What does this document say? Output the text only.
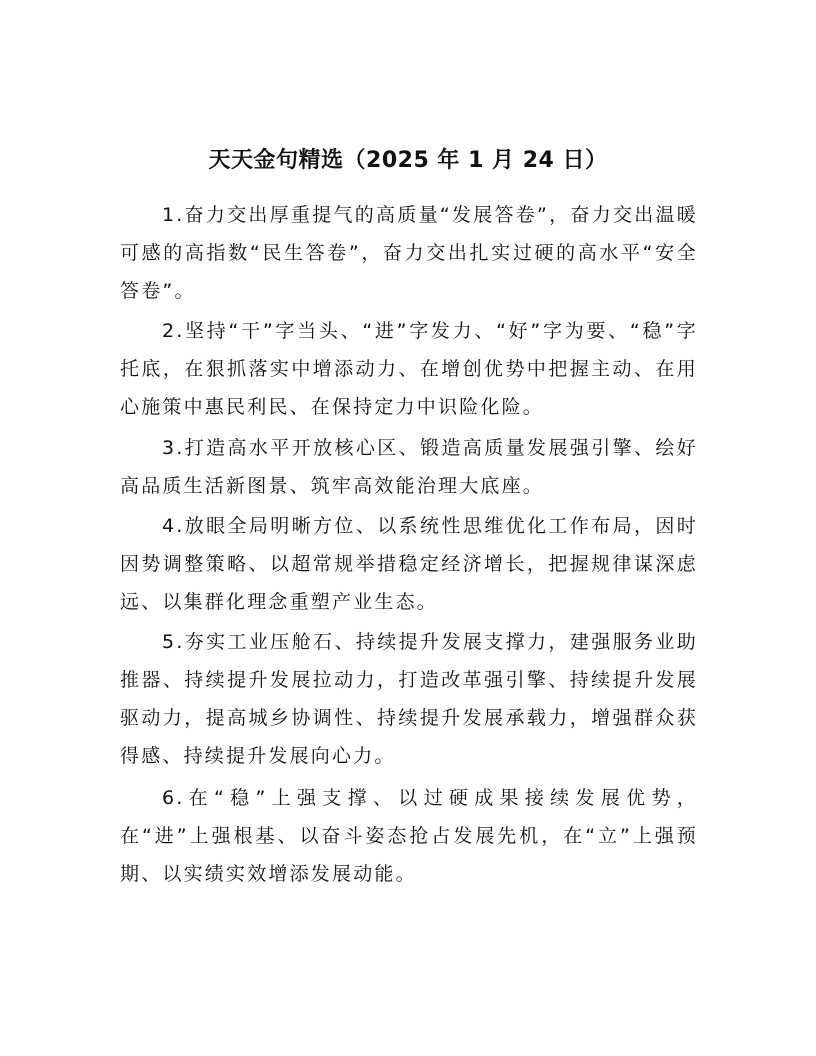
天天金句精选（2025 年 1 月 24 日）

1.奋力交出厚重提气的高质量“发展答卷”，奋力交出温暖可感的高指数“民生答卷”，奋力交出扎实过硬的高水平“安全答卷”。

2.坚持“干”字当头、“进”字发力、“好”字为要、“稳”字托底，在狠抓落实中增添动力、在增创优势中把握主动、在用心施策中惠民利民、在保持定力中识险化险。

3.打造高水平开放核心区、锻造高质量发展强引擎、绘好高品质生活新图景、筑牢高效能治理大底座。

4.放眼全局明晰方位、以系统性思维优化工作布局，因时因势调整策略、以超常规举措稳定经济增长，把握规律谋深虑远、以集群化理念重塑产业生态。

5.夯实工业压舱石、持续提升发展支撑力，建强服务业助推器、持续提升发展拉动力，打造改革强引擎、持续提升发展驱动力，提高城乡协调性、持续提升发展承载力，增强群众获得感、持续提升发展向心力。

6.在“稳”上强支撑、以过硬成果接续发展优势，在“进”上强根基、以奋斗姿态抢占发展先机，在“立”上强预期、以实绩实效增添发展动能。
